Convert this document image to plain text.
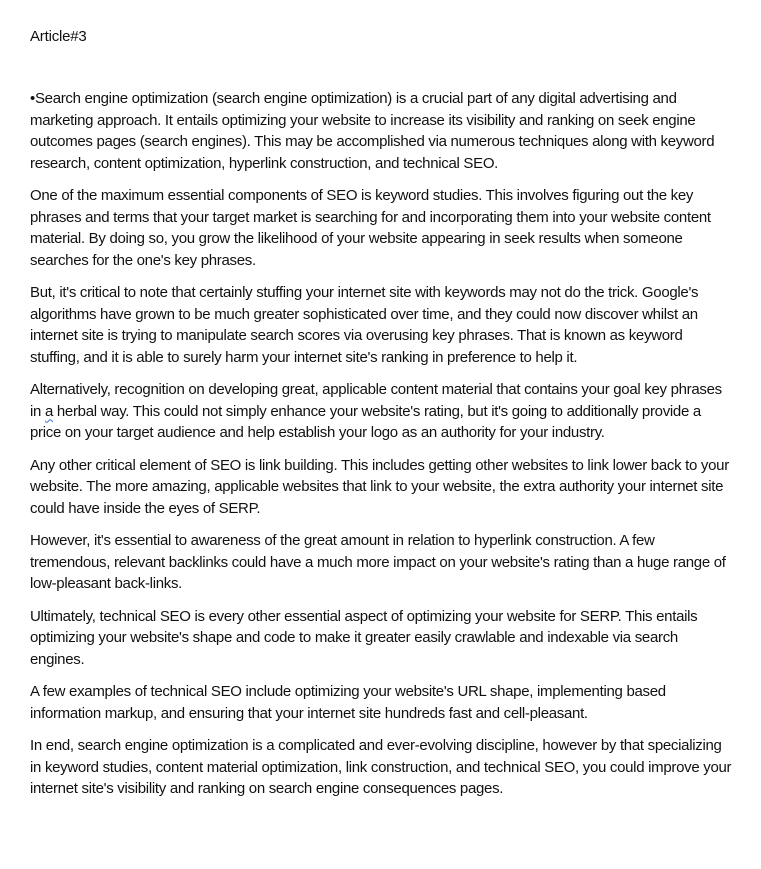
Article#3

•Search engine optimization (search engine optimization) is a crucial part of any digital advertising and marketing approach. It entails optimizing your website to increase its visibility and ranking on seek engine outcomes pages (search engines). This may be accomplished via numerous techniques along with keyword research, content optimization, hyperlink construction, and technical SEO.

One of the maximum essential components of SEO is keyword studies. This involves figuring out the key phrases and terms that your target market is searching for and incorporating them into your website content material. By doing so, you grow the likelihood of your website appearing in seek results when someone searches for the one's key phrases.

But, it's critical to note that certainly stuffing your internet site with keywords may not do the trick. Google's algorithms have grown to be much greater sophisticated over time, and they could now discover whilst an internet site is trying to manipulate search scores via overusing key phrases. That is known as keyword stuffing, and it is able to surely harm your internet site's ranking in preference to help it.

Alternatively, recognition on developing great, applicable content material that contains your goal key phrases in a herbal way. This could not simply enhance your website's rating, but it's going to additionally provide a price on your target audience and help establish your logo as an authority for your industry.

Any other critical element of SEO is link building. This includes getting other websites to link lower back to your website. The more amazing, applicable websites that link to your website, the extra authority your internet site could have inside the eyes of SERP.

However, it's essential to awareness of the great amount in relation to hyperlink construction. A few tremendous, relevant backlinks could have a much more impact on your website's rating than a huge range of low-pleasant back-links.

Ultimately, technical SEO is every other essential aspect of optimizing your website for SERP. This entails optimizing your website's shape and code to make it greater easily crawlable and indexable via search engines.

A few examples of technical SEO include optimizing your website's URL shape, implementing based information markup, and ensuring that your internet site hundreds fast and cell-pleasant.

In end, search engine optimization is a complicated and ever-evolving discipline, however by that specializing in keyword studies, content material optimization, link construction, and technical SEO, you could improve your internet site's visibility and ranking on search engine consequences pages.
